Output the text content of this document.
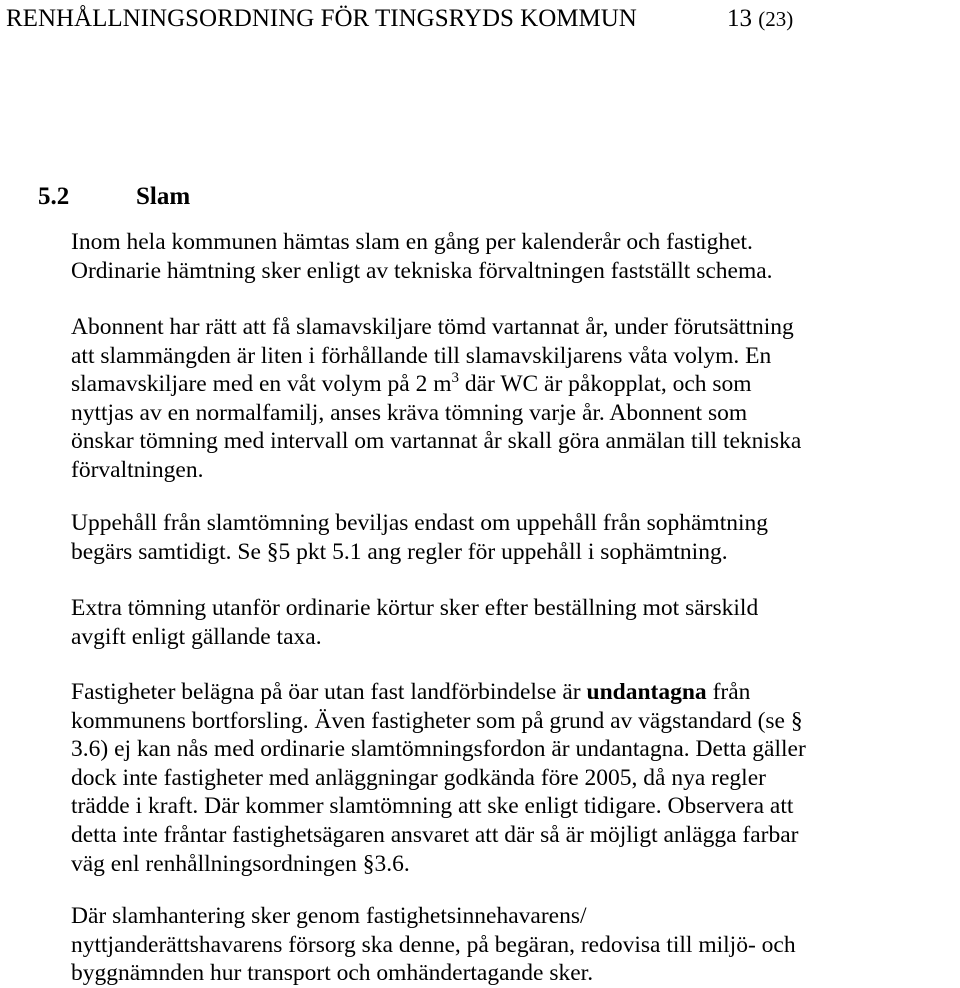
RENHÅLLNINGSORDNING FÖR TINGSRYDS KOMMUN	13 (23)
5.2	Slam
Inom hela kommunen hämtas slam en gång per kalenderår och fastighet.
Ordinarie hämtning sker enligt av tekniska förvaltningen fastställt schema.
Abonnent har rätt att få slamavskiljare tömd vartannat år, under förutsättning
att slammängden är liten i förhållande till slamavskiljarens våta volym. En
slamavskiljare med en våt volym på 2 $m^3$ där WC är påkopplat, och som
nyttjas av en normalfamilj, anses kräva tömning varje år. Abonnent som
önskar tömning med intervall om vartannat år skall göra anmälan till tekniska
förvaltningen.
Uppehåll från slamtömning beviljas endast om uppehåll från sophämtning
begärs samtidigt. Se §5 pkt 5.1 ang regler för uppehåll i sophämtning.
Extra tömning utanför ordinarie körtur sker efter beställning mot särskild
avgift enligt gällande taxa.
Fastigheter belägna på öar utan fast landförbindelse är undantagna från
kommunens bortforsling. Även fastigheter som på grund av vägstandard (se §
3.6) ej kan nås med ordinarie slamtömningsfordon är undantagna. Detta gäller
dock inte fastigheter med anläggningar godkända före 2005, då nya regler
trädde i kraft. Där kommer slamtömning att ske enligt tidigare. Observera att
detta inte fråntar fastighetsägaren ansvaret att där så är möjligt anlägga farbar
väg enl renhållningsordningen §3.6.
Där slamhantering sker genom fastighetsinnehavarens/
nyttjanderättshavarens försorg ska denne, på begäran, redovisa till miljö- och
byggnämnden hur transport och omhändertagande sker.
